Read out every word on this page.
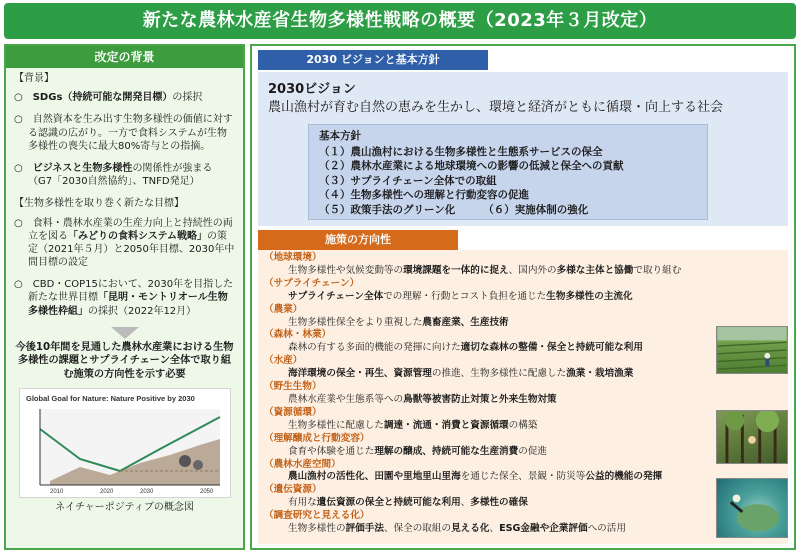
新たな農林水産省生物多様性戦略の概要（2023年３月改定）
改定の背景
【背景】
○　SDGs（持続可能な開発目標）の採択
○　自然資本を生み出す生物多様性の価値に対する認識の広がり。一方で食料システムが生物多様性の喪失に最大80%寄与との指摘。
○　ビジネスと生物多様性の関係性が強まる（G7「2030自然協約」、TNFD発足）
【生物多様性を取り巻く新たな目標】
○　食料・農林水産業の生産力向上と持続性の両立を図る「みどりの食料システム戦略」の策定（2021年５月）と2050年目標、2030年中間目標の設定
○　CBD・COP15において、2030年を目指した新たな世界目標「昆明・モントリオール生物多様性枠組」の採択（2022年12月）
今後10年間を見通した農林水産業における生物多様性の課題とサプライチェーン全体で取り組む施策の方向性を示す必要
Global Goal for Nature: Nature Positive by 2030
2010	2020	2030	2050
ネイチャーポジティブの概念図
2030 ビジョンと基本方針
2030ビジョン
農山漁村が育む自然の恵みを生かし、環境と経済がともに循環・向上する社会
基本方針
（１）農山漁村における生物多様性と生態系サービスの保全
（２）農林水産業による地球環境への影響の低減と保全への貢献
（３）サプライチェーン全体での取組
（４）生物多様性への理解と行動変容の促進
（５）政策手法のグリーン化	（６）実施体制の強化
施策の方向性
（地球環境）
生物多様性や気候変動等の環境課題を一体的に捉え、国内外の多様な主体と協働で取り組む
（サプライチェーン）
サプライチェーン全体での理解・行動とコスト負担を通じた生物多様性の主流化
（農業）
生物多様性保全をより重視した農畜産業、生産技術
（森林・林業）
森林の有する多面的機能の発揮に向けた適切な森林の整備・保全と持続可能な利用
（水産）
海洋環境の保全・再生、資源管理の推進、生物多様性に配慮した漁業・栽培漁業
（野生生物）
農林水産業や生態系等への鳥獣等被害防止対策と外来生物対策
（資源循環）
生物多様性に配慮した調達・流通・消費と資源循環の構築
（理解醸成と行動変容）
食育や体験を通じた理解の醸成、持続可能な生産消費の促進
（農林水産空間）
農山漁村の活性化、田園や里地里山里海を通じた保全、景観・防災等公益的機能の発揮
（遺伝資源）
有用な遺伝資源の保全と持続可能な利用、多様性の確保
（調査研究と見える化）
生物多様性の評価手法、保全の取組の見える化、ESG金融や企業評価への活用
